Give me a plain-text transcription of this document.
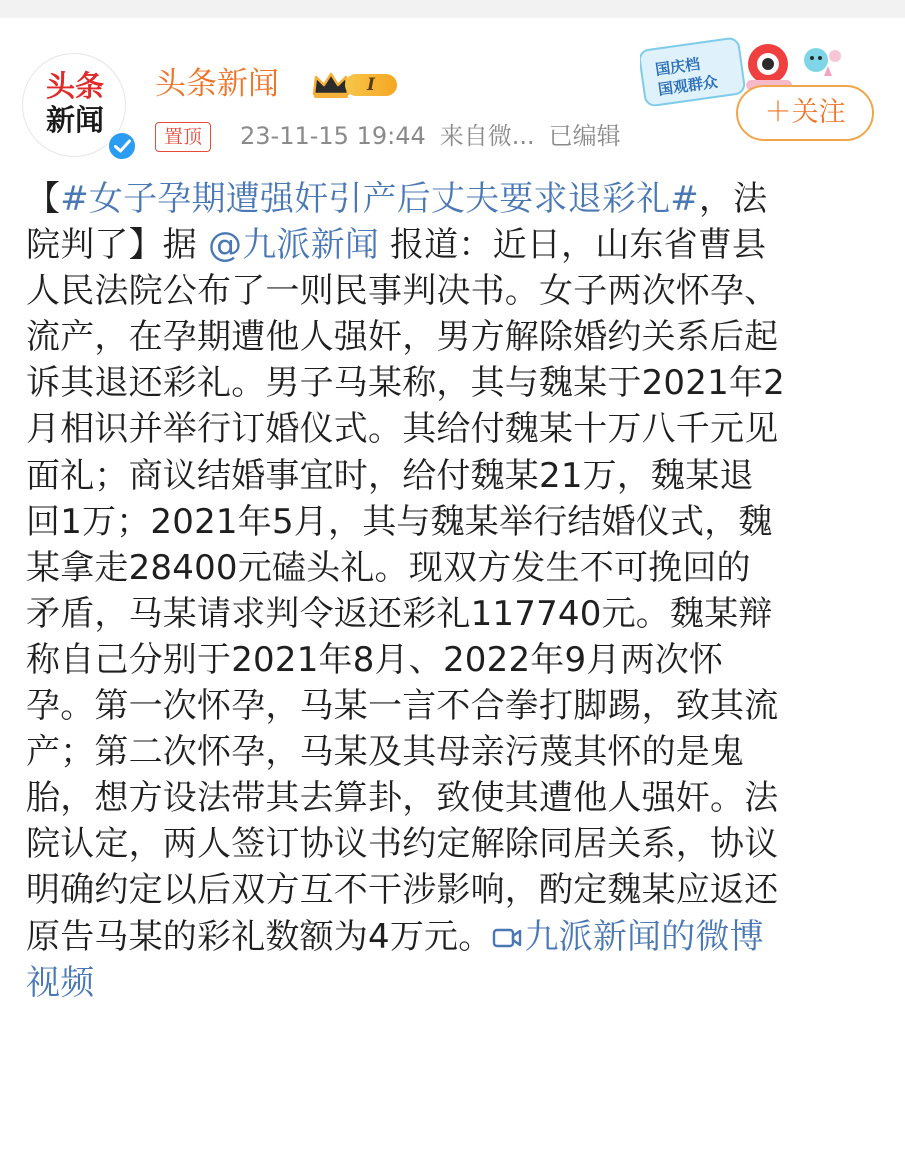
头条
新闻
头条新闻	I
置顶	23-11-15 19:44 来自微... 已编辑
国庆档
国观群众
＋关注
【#女子孕期遭强奸引产后丈夫要求退彩礼#，法
院判了】据 @九派新闻 报道：近日，山东省曹县
人民法院公布了一则民事判决书。女子两次怀孕、
流产，在孕期遭他人强奸，男方解除婚约关系后起
诉其退还彩礼。男子马某称，其与魏某于2021年2
月相识并举行订婚仪式。其给付魏某十万八千元见
面礼；商议结婚事宜时，给付魏某21万，魏某退
回1万；2021年5月，其与魏某举行结婚仪式，魏
某拿走28400元磕头礼。现双方发生不可挽回的
矛盾，马某请求判令返还彩礼117740元。魏某辩
称自己分别于2021年8月、2022年9月两次怀
孕。第一次怀孕，马某一言不合拳打脚踢，致其流
产；第二次怀孕，马某及其母亲污蔑其怀的是鬼
胎，想方设法带其去算卦，致使其遭他人强奸。法
院认定，两人签订协议书约定解除同居关系，协议
明确约定以后双方互不干涉影响，酌定魏某应返还
原告马某的彩礼数额为4万元。 九派新闻的微博
视频
